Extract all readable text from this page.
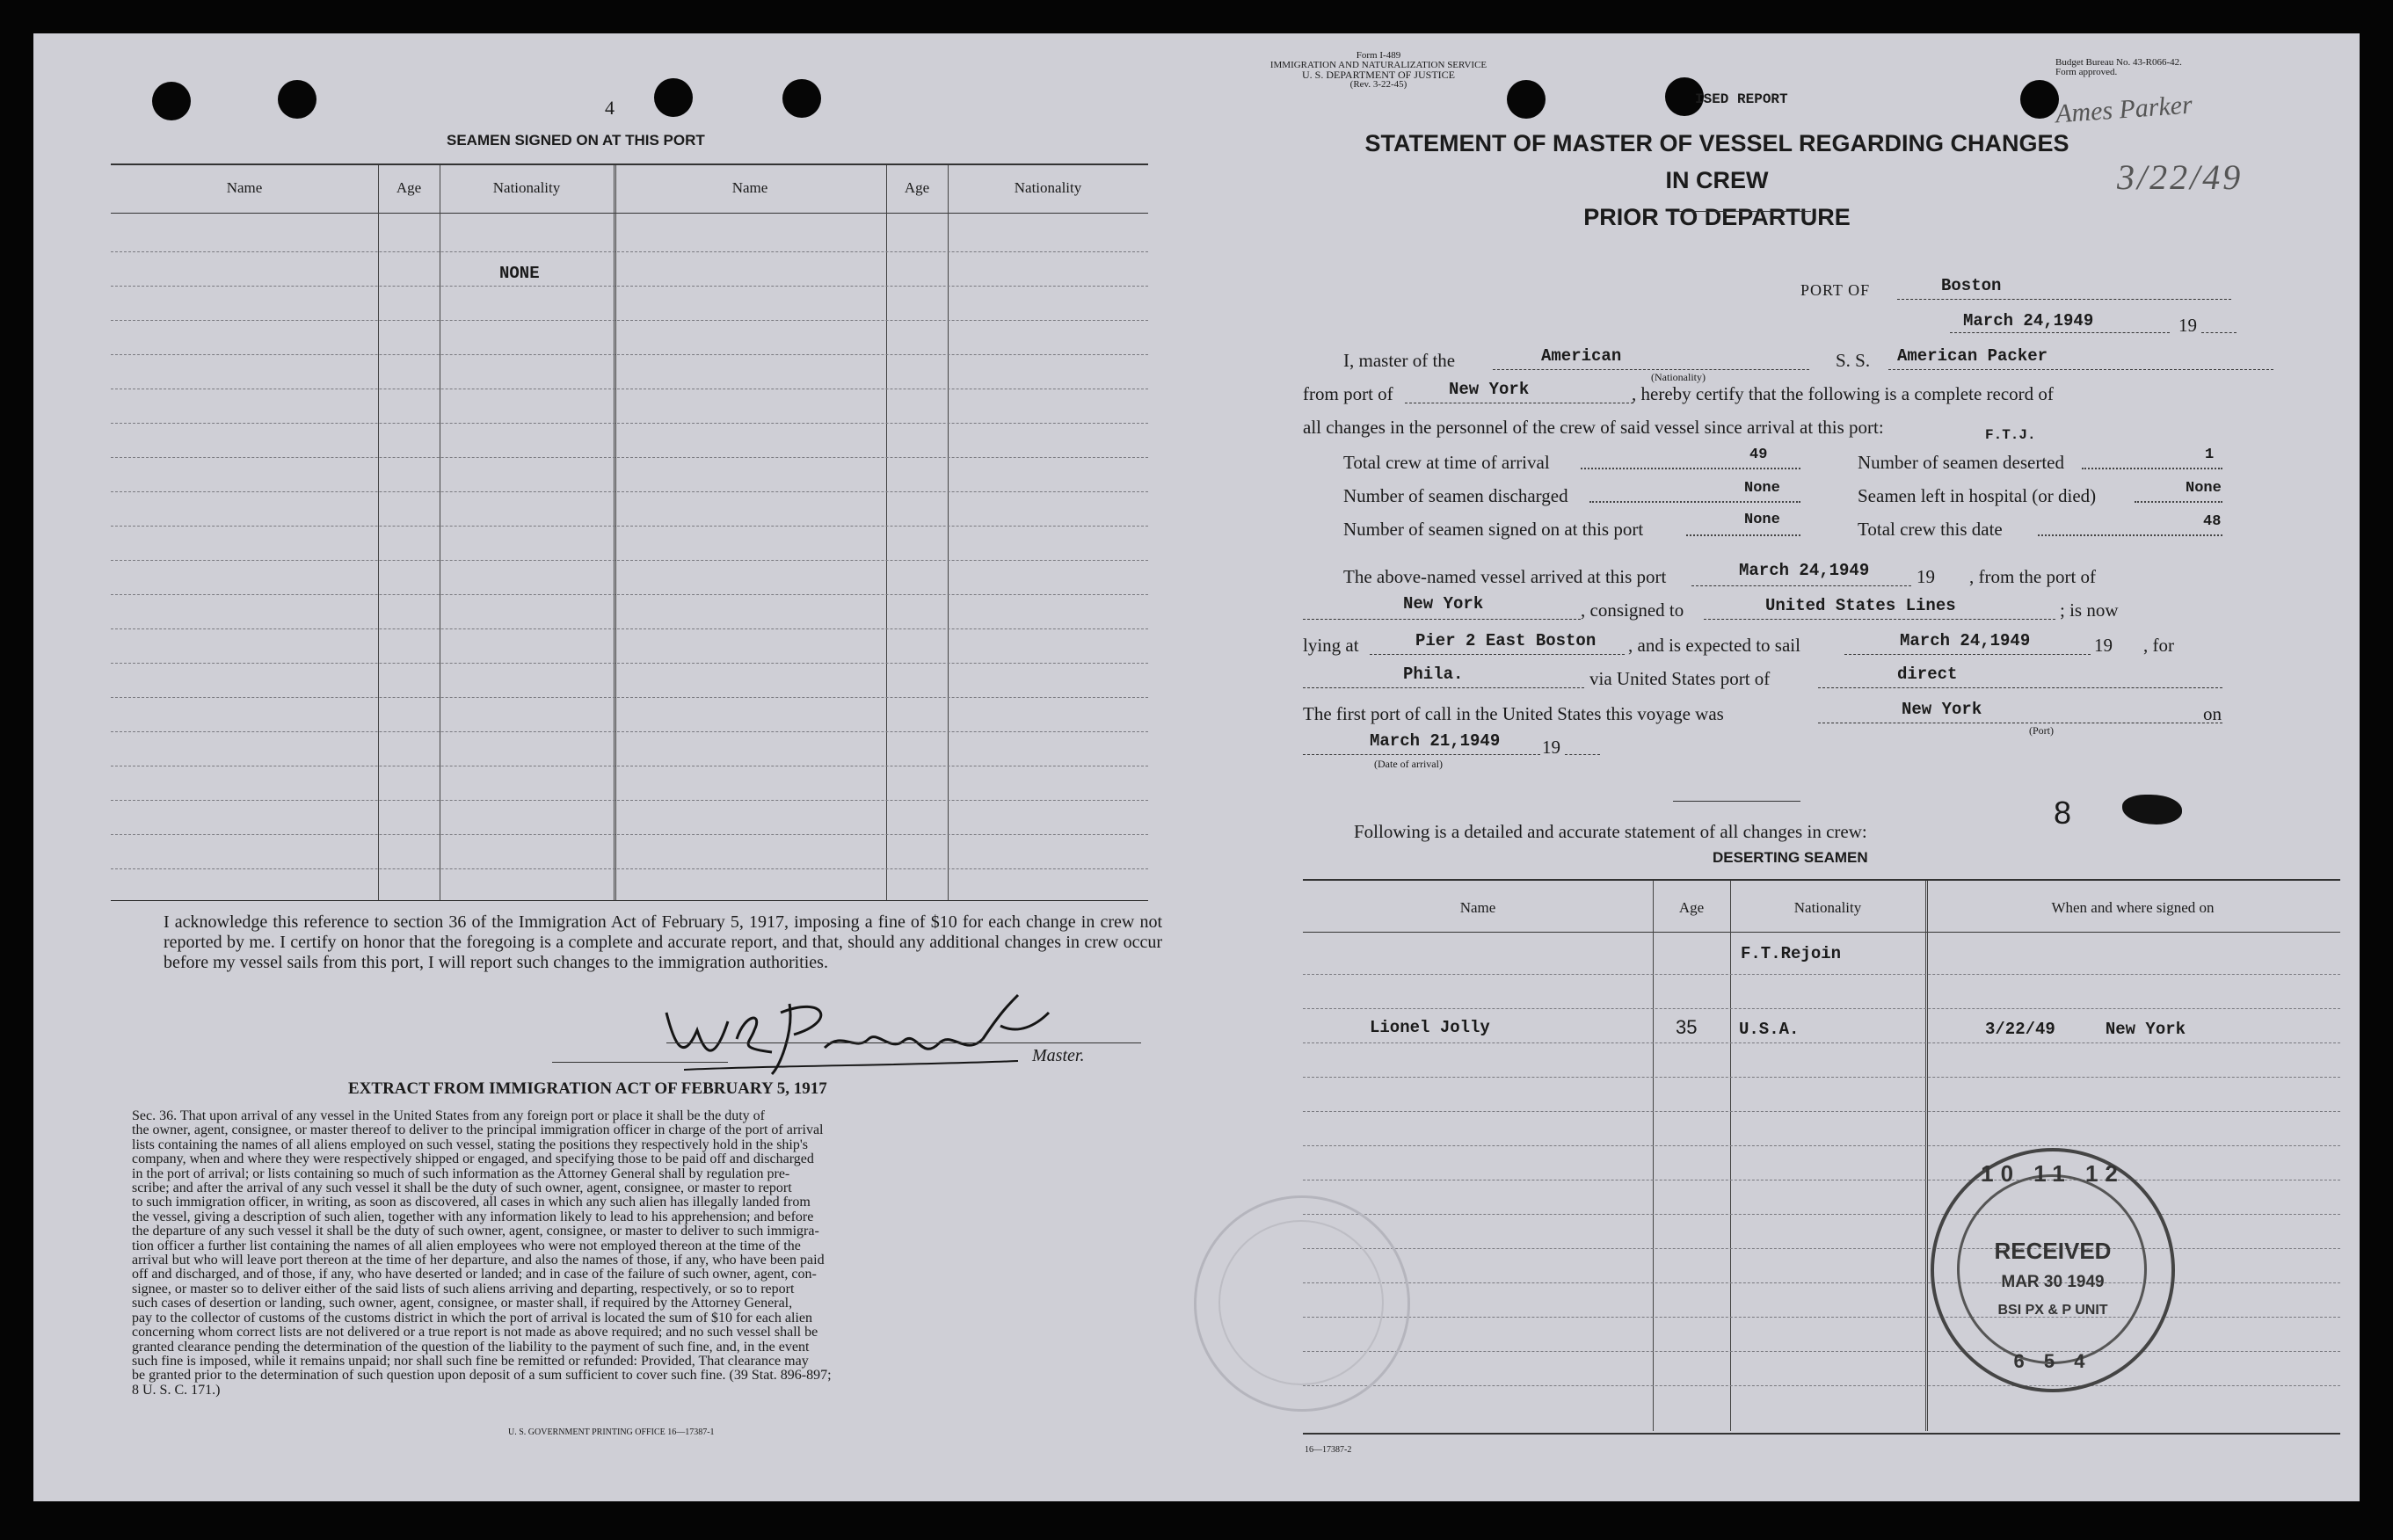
4
SEAMEN SIGNED ON AT THIS PORT
Name	Age	Nationality	Name	Age	Nationality
NONE
I acknowledge this reference to section 36 of the Immigration Act of February 5, 1917, imposing a fine of $10 for each change in crew not reported by me. I certify on honor that the foregoing is a complete and accurate report, and that, should any additional changes in crew occur before my vessel sails from this port, I will report such changes to the immigration authorities.
Master.
EXTRACT FROM IMMIGRATION ACT OF FEBRUARY 5, 1917
Sec. 36. That upon arrival of any vessel in the United States from any foreign port or place it shall be the duty of
the owner, agent, consignee, or master thereof to deliver to the principal immigration officer in charge of the port of arrival
lists containing the names of all aliens employed on such vessel, stating the positions they respectively hold in the ship's
company, when and where they were respectively shipped or engaged, and specifying those to be paid off and discharged
in the port of arrival; or lists containing so much of such information as the Attorney General shall by regulation pre-
scribe; and after the arrival of any such vessel it shall be the duty of such owner, agent, consignee, or master to report
to such immigration officer, in writing, as soon as discovered, all cases in which any such alien has illegally landed from
the vessel, giving a description of such alien, together with any information likely to lead to his apprehension; and before
the departure of any such vessel it shall be the duty of such owner, agent, consignee, or master to deliver to such immigra-
tion officer a further list containing the names of all alien employees who were not employed thereon at the time of the
arrival but who will leave port thereon at the time of her departure, and also the names of those, if any, who have been paid
off and discharged, and of those, if any, who have deserted or landed; and in case of the failure of such owner, agent, con-
signee, or master so to deliver either of the said lists of such aliens arriving and departing, respectively, or so to report
such cases of desertion or landing, such owner, agent, consignee, or master shall, if required by the Attorney General,
pay to the collector of customs of the customs district in which the port of arrival is located the sum of $10 for each alien
concerning whom correct lists are not delivered or a true report is not made as above required; and no such vessel shall be
granted clearance pending the determination of the question of the liability to the payment of such fine, and, in the event
such fine is imposed, while it remains unpaid; nor shall such fine be remitted or refunded: Provided, That clearance may
be granted prior to the determination of such question upon deposit of a sum sufficient to cover such fine. (39 Stat. 896-897;
8 U. S. C. 171.)
U. S. GOVERNMENT PRINTING OFFICE 16—17387-1
Form I-489
IMMIGRATION AND NATURALIZATION SERVICE
U. S. DEPARTMENT OF JUSTICE
(Rev. 3-22-45)
Budget Bureau No. 43-R066-42.
Form approved.
ISED REPORT	Ames Parker
3/22/49
STATEMENT OF MASTER OF VESSEL REGARDING CHANGES IN CREW
PRIOR TO DEPARTURE
PORT OF	Boston
March 24,1949	19
I, master of the	American
(Nationality)
S. S. American Packer
from port of	New York	, hereby certify that the following is a complete record of
all changes in the personnel of the crew of said vessel since arrival at this port:	F.T.J.
Total crew at time of arrival	49	Number of seamen deserted	1
Number of seamen discharged	None	Seamen left in hospital (or died)	None
Number of seamen signed on at this port	None	Total crew this date	48
The above-named vessel arrived at this port	March 24,1949	19 , from the port of
New York	, consigned to	United States Lines	; is now
lying at	Pier 2 East Boston , and is expected to sail	March 24,1949	19 , for
Phila.	via United States port of	direct
The first port of call in the United States this voyage was	New York
(Port)
on
March 21,1949 19
(Date of arrival)
Following is a detailed and accurate statement of all changes in crew:
8
DESERTING SEAMEN
Name	Age	Nationality	When and where signed on
F.T.Rejoin
Lionel Jolly	35	U.S.A.	3/22/49     New York
10 11 12
RECEIVED
MAR 30 1949
BSI PX & P UNIT
6 5 4
16—17387-2
